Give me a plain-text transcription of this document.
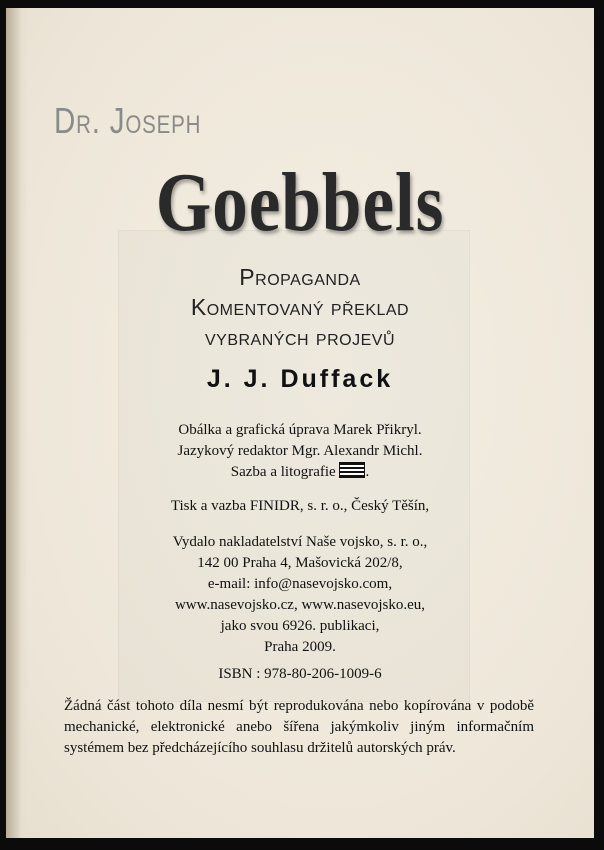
Dr. Joseph
Goebbels
Propaganda
Komentovaný překlad
vybraných projevů
J. J. Duffack
Obálka a grafická úprava Marek Přikryl.
Jazykový redaktor Mgr. Alexandr Michl.
Sazba a litografie .
Tisk a vazba FINIDR, s. r. o., Český Těšín,
Vydalo nakladatelství Naše vojsko, s. r. o.,
142 00 Praha 4, Mašovická 202/8,
e-mail: info@nasevojsko.com,
www.nasevojsko.cz, www.nasevojsko.eu,
jako svou 6926. publikaci,
Praha 2009.
ISBN : 978-80-206-1009-6
Žádná část tohoto díla nesmí být reprodukována nebo kopírována v podobě mechanické, elektronické anebo šířena jakýmkoliv jiným informačním systémem bez předcházejícího souhlasu držitelů autorských práv.
